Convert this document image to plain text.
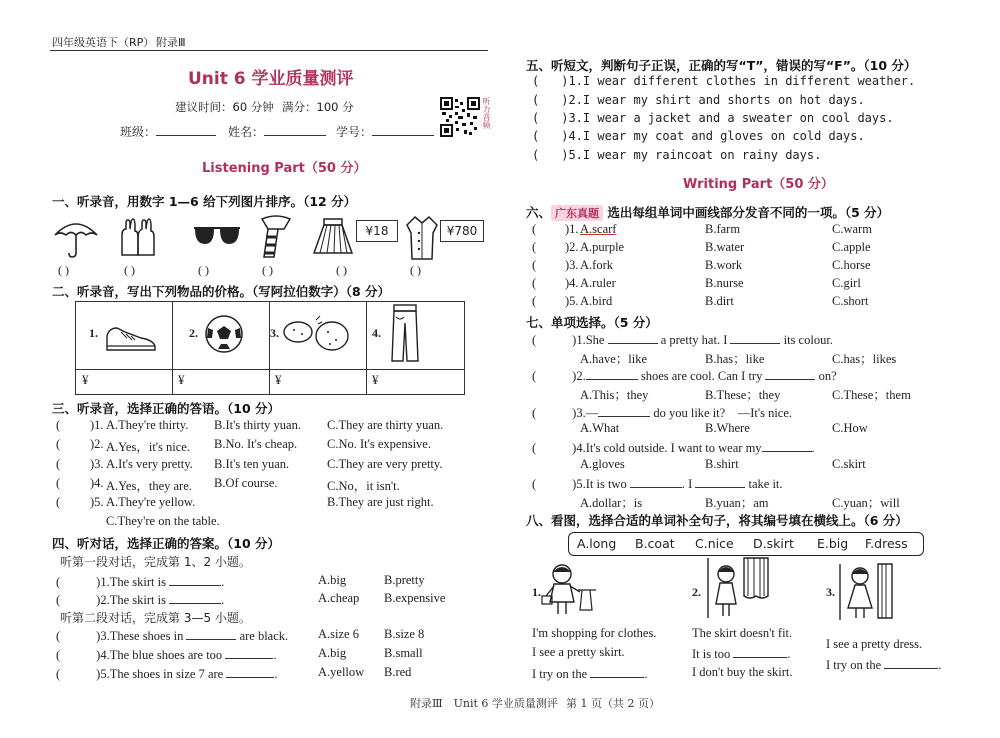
四年级英语下（RP） 附录Ⅲ
Unit 6 学业质量测评
建议时间：60 分钟 满分：100 分
班级：	姓名：	学号：
听力音频
Listening Part（50 分）
一、听录音，用数字 1—6 给下列图片排序。（12 分）
¥18	¥780
( )	( )	( )	( )	( )	( )
二、听录音，写出下列物品的价格。（写阿拉伯数字）（8 分）
1.	2.	3.	4.
¥	¥	¥	¥
三、听录音，选择正确的答语。（10 分）
(	)1. A.They're thirty. B.It's thirty yuan. C.They are thirty yuan.
(	)2. A.Yes，it's nice. B.No. It's cheap. C.No. It's expensive.
(	)3. A.It's very pretty. B.It's ten yuan.	C.They are very pretty.
(	)4. A.Yes，they are. B.Of course.	C.No，it isn't.
(	)5. A.They're yellow.	B.They are just right.
C.They're on the table.
四、听对话，选择正确的答案。（10 分）
听第一段对话，完成第 1、2 小题。
(	)1.The skirt is	.	A.big	B.pretty
(	)2.The skirt is	.	A.cheap B.expensive
听第二段对话，完成第 3—5 小题。
(	)3.These shoes in	are black. A.size 6 B.size 8
(	)4.The blue shoes are too	.	A.big	B.small
(	)5.The shoes in size 7 are	.	A.yellow B.red
五、听短文，判断句子正误，正确的写“T”，错误的写“F”。（10 分）
( )1.I wear different clothes in different weather.
( )2.I wear my shirt and shorts on hot days.
( )3.I wear a jacket and a sweater on cool days.
( )4.I wear my coat and gloves on cold days.
( )5.I wear my raincoat on rainy days.
Writing Part（50 分）
六、 广东真题 选出每组单词中画线部分发音不同的一项。（5 分）
(	)1. A.scarf	B.farm	C.warm
(	)2. A.purple	B.water	C.apple
(	)3. A.fork	B.work	C.horse
(	)4. A.ruler	B.nurse	C.girl
(	)5. A.bird	B.dirt	C.short
七、单项选择。（5 分）
(	)1.She	a pretty hat. I	its colour.
A.have；like	B.has；like	C.has；likes
(	)2.	shoes are cool. Can I try	on?
A.This；they	B.These；they	C.These；them
(	)3.—	do you like it?　—It's nice.
A.What	B.Where	C.How
(	)4.It's cold outside. I want to wear my	.
A.gloves	B.shirt	C.skirt
(	)5.It is two	. I	take it.
A.dollar；is	B.yuan；am	C.yuan；will
八、看图，选择合适的单词补全句子，将其编号填在横线上。（6 分）
A.long B.coat C.nice D.skirt E.big F.dress
1.	2.	3.
I'm shopping for clothes.
I see a pretty skirt.
I try on the	.
The skirt doesn't fit.
It is too	.
I don't buy the skirt.
I see a pretty dress.
I try on the	.
附录Ⅲ　Unit 6 学业质量测评 第 1 页（共 2 页）
